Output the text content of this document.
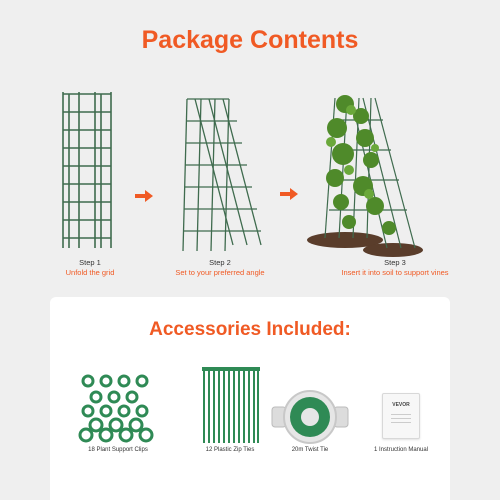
Package Contents
Step 1
Unfold the grid
Step 2
Set to your preferred angle
Step 3
Insert it into soil to support vines
Accessories Included:
18 Plant Support Clips	12 Plastic Zip Ties	20m Twist Tie
VEVOR
1 Instruction Manual
